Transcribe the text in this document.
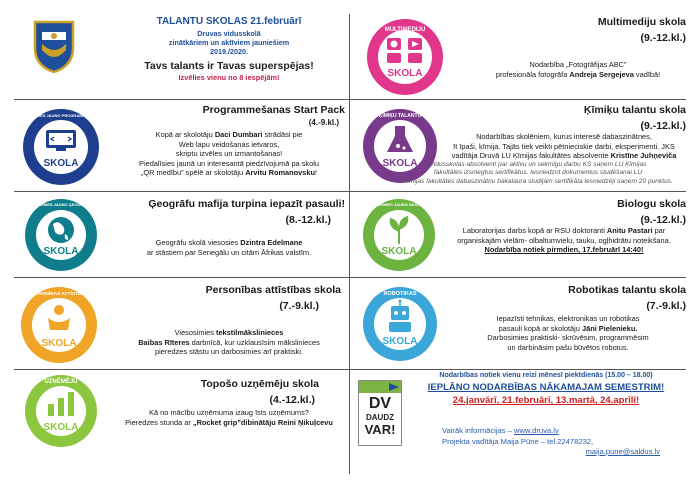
TALANTU SKOLAS 21.februārī
Druvas vidusskolā
zinātkāriem un aktīviem jauniešiem
2019./2020.
Tavs talants ir Tavas superspējas!
Izvēlies vienu no 8 iespējām!
MULTIMEDIJU
SKOLA
Multimediju skola
(9.-12.kl.)
Nodarbība „Fotogrāfijas ABC”
profesionāla fotogrāfa Andreja Sergejeva vadībā!
KURZEMES JAUNO PROGRAMMĒTĀJU
SKOLA
Programmešanas Start Pack
(4.-9.kl.)
Kopā ar skolotāju Daci Dumbari strādāsi pie
Web lapu veidošanas ietvaros,
skriptu izvēles un izmantošanas!
Piedalīsies jaunā un interesantā piedzīvojumā pa skolu
„QR medību” spēlē ar skolotāju Arvitu Romanovsku!
ĶĪMIĶU TALANTU
SKOLA
Ķīmiķu talantu skola
(9.-12.kl.)
Nodarbības skolēniem, kurus interesē dabaszinātnes,
īt īpaši, ķīmija. Tajās tiek veikti pētnieciskie darbi, eksperimenti. JKS
vadītāja Druvā LU Ķīmijas fakultātes absolvente Kristīne Juhņeviča
Vidusskolas absolventi par aktīvu un sekmīgu darbu KS saņem LU Ķīmijas
fakultātes izsniegtus sertifikātus. Iesniedzot dokumentus studēšanai LU
Ķīmijas fakultātes dabaszinātņu bakalaura studijām sertifikāta iesniedzēji saņem 20 punktus.
KURZEMES JAUNO ĢEOGRĀFU
SKOLA
Ģeogrāfu mafija turpina iepazīt pasauli!
(8.-12.kl.)
Ģeogrāfu skolā viesosies Dzintra Edelmane
ar stāstiem par Senegālu un citām Āfrikas valstīm.
KURZEMES JAUNO BIOLOGU
SKOLA
Biologu skola
(9.-12.kl.)
Laboratorijas darbs kopā ar RSU doktoranti Anitu Pastari par
organiskajām vielām- olbaltumvielu, tauku, ogļhidrātu noteikšana.
Nodarbība notiek pirmdien, 17.februārī 14:40!
PERSONĪBAS ATTĪSTĪBAS
SKOLA
Personības attīstības skola
(7.-9.kl.)
Viesosimies tekstilmākslinieces
Baibas Rīteres darbnīcā, kur uzklausīsim mākslinieces
pieredzes stāstu un darbosimies arī praktiski.
ROBOTIKAS
SKOLA
Robotikas talantu skola
(7.-9.kl.)
Iepazīsti tehnikas, elektronikas un robotikas
pasauli kopā ar skolotāju Jāni Pielenieku.
Darbosimies praktiski- skrūvēsim, programmēsim
un darbināsim pašu būvētos robotus.
UZŅĒMĒJU
SKOLA
Topošo uzņēmēju skola
(4.-12.kl.)
Kā no mācību uzņēmuma izaug īsts uzņēmums?
Pieredzes stunda ar „Rocket grip”dibinātāju Reini Ņikuļcevu
DV
DAUDZ
VAR!
Nodarbības notiek vienu reizi mēnesī piektdienās (15.00 – 18.00)
IEPLĀNO NODARBĪBAS NĀKAMAJAM SEMESTRIM!
24.janvārī, 21.februārī, 13.martā, 24.aprīlī!
Vairāk informācijas – www.druva.lv
Projekta vadītāja Maija Pūne – tel.22478232,
maija.pune@saldus.lv
